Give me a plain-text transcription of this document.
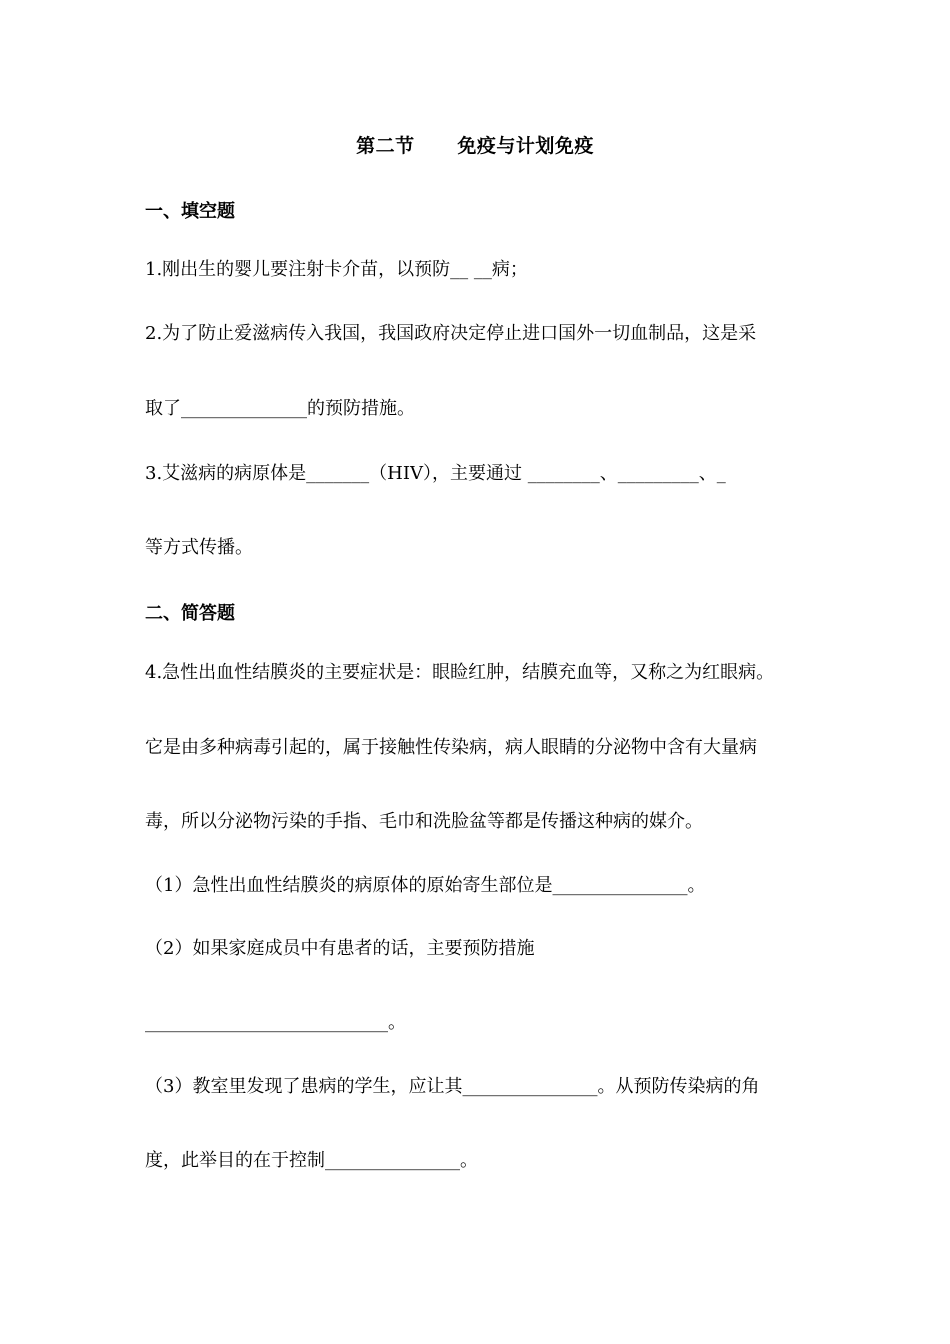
第二节      免疫与计划免疫
一、填空题
1.刚出生的婴儿要注射卡介苗，以预防__ __病；
2.为了防止爱滋病传入我国，我国政府决定停止进口国外一切血制品，这是采
取了______________的预防措施。
3.艾滋病的病原体是_______（HIV），主要通过 ________、_________、_
等方式传播。
二、简答题
4.急性出血性结膜炎的主要症状是：眼睑红肿，结膜充血等，又称之为红眼病。
它是由多种病毒引起的，属于接触性传染病，病人眼睛的分泌物中含有大量病
毒，所以分泌物污染的手指、毛巾和洗脸盆等都是传播这种病的媒介。
（1）急性出血性结膜炎的病原体的原始寄生部位是_______________。
（2）如果家庭成员中有患者的话，主要预防措施
___________________________。
（3）教室里发现了患病的学生，应让其_______________。从预防传染病的角
度，此举目的在于控制_______________。
